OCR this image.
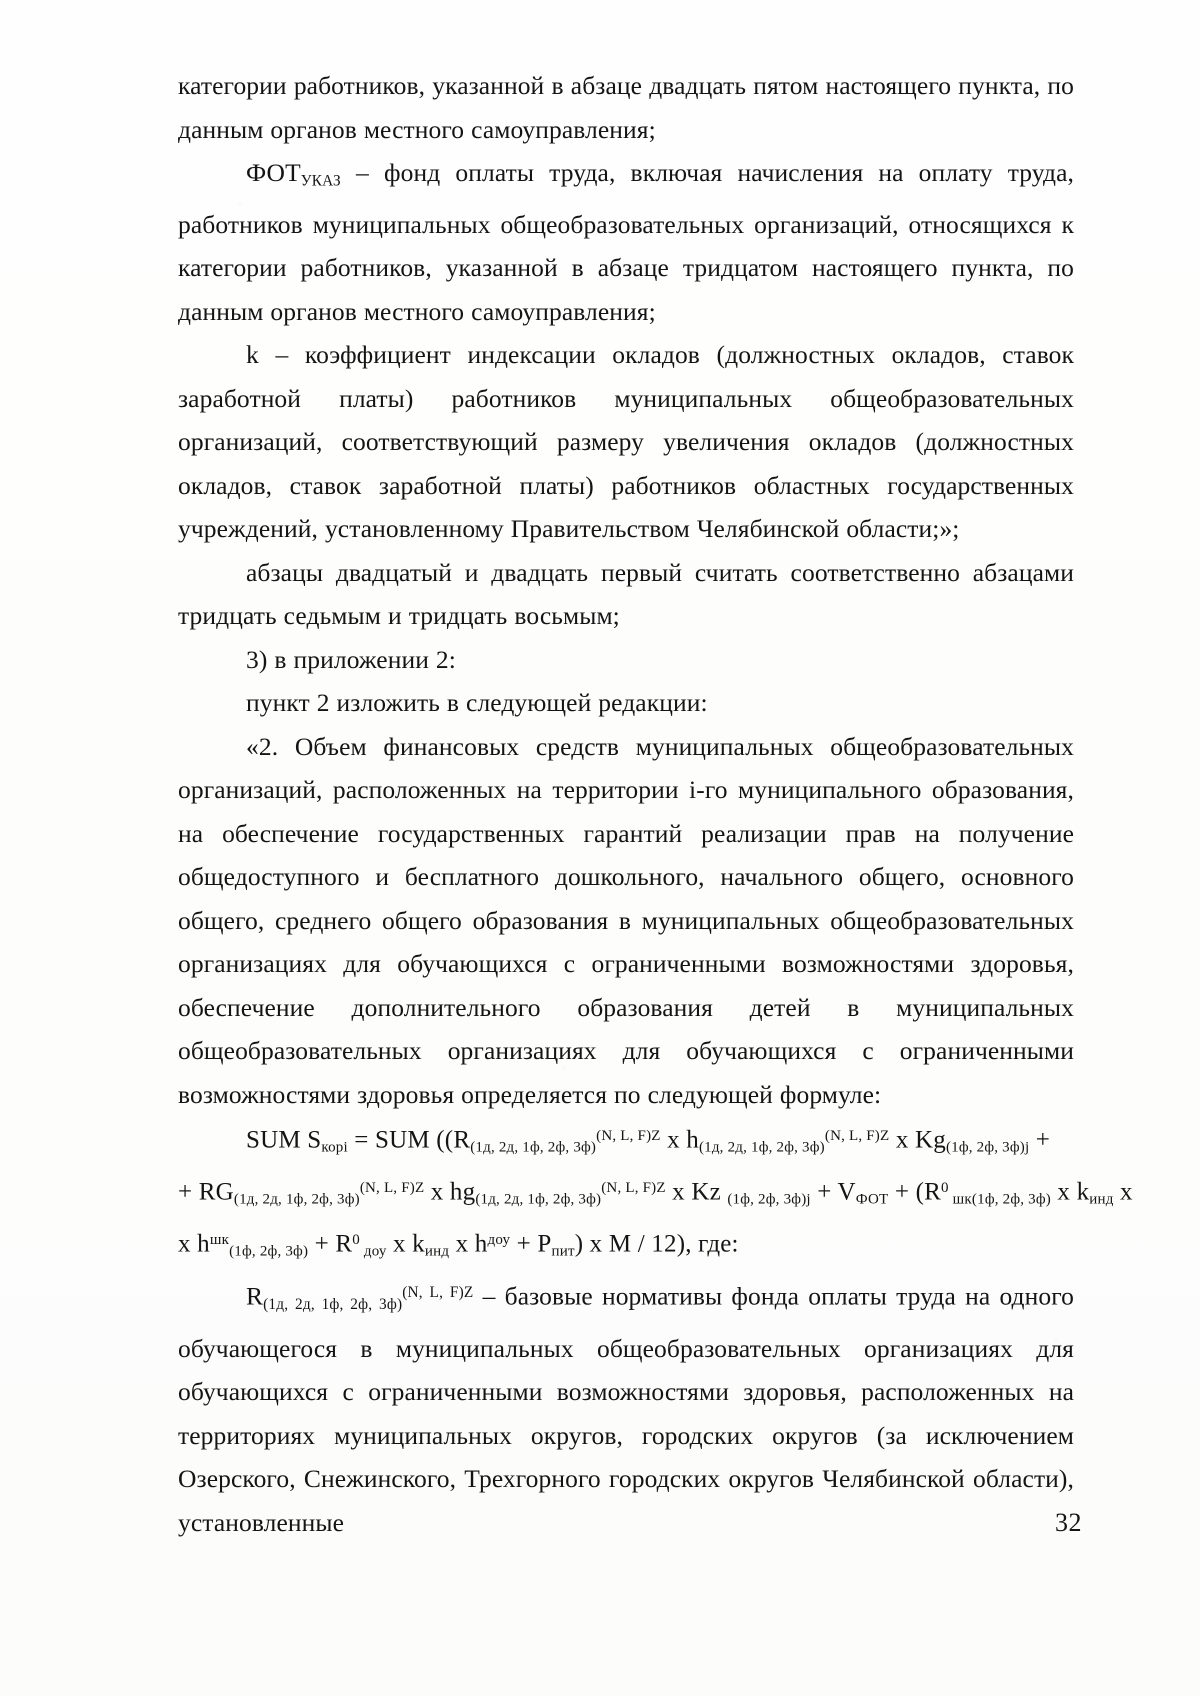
категории работников, указанной в абзаце двадцать пятом настоящего пункта, по данным органов местного самоуправления;

$ФОТ_{УКАЗ}$ – фонд оплаты труда, включая начисления на оплату труда, работников муниципальных общеобразовательных организаций, относящихся к категории работников, указанной в абзаце тридцатом настоящего пункта, по данным органов местного самоуправления;

k – коэффициент индексации окладов (должностных окладов, ставок заработной платы) работников муниципальных общеобразовательных организаций, соответствующий размеру увеличения окладов (должностных окладов, ставок заработной платы) работников областных государственных учреждений, установленному Правительством Челябинской области;»;

абзацы двадцатый и двадцать первый считать соответственно абзацами тридцать седьмым и тридцать восьмым;

3) в приложении 2:

пункт 2 изложить в следующей редакции:

«2. Объем финансовых средств муниципальных общеобразовательных организаций, расположенных на территории i-го муниципального образования, на обеспечение государственных гарантий реализации прав на получение общедоступного и бесплатного дошкольного, начального общего, основного общего, среднего общего образования в муниципальных общеобразовательных организациях для обучающихся с ограниченными возможностями здоровья, обеспечение дополнительного образования детей в муниципальных общеобразовательных организациях для обучающихся с ограниченными возможностями здоровья определяется по следующей формуле:

SUM $S_{корi}$ = SUM (($R_{(1д, 2д, 1ф, 2ф, 3ф)}^{(N, L, F)Z}$ x $h_{(1д, 2д, 1ф, 2ф, 3ф)}^{(N, L, F)Z}$ x $Kg_{(1ф, 2ф, 3ф)j}$ +
+ $RG_{(1д, 2д, 1ф, 2ф, 3ф)}^{(N, L, F)Z}$ x $hg_{(1д, 2д, 1ф, 2ф, 3ф)}^{(N, L, F)Z}$ x Kz $_{(1ф, 2ф, 3ф)j} + V_{ФОТ} + (R^0$ $_{шк(1ф, 2ф, 3ф)}$ x $k_{инд}$ x
x $h^{шк}_{(1ф, 2ф, 3ф)} + R^0$ $_{доу}$ x $k_{инд}$ x $h^{доу} + P_{пит}$) x M / 12), где:

$R_{(1д, 2д, 1ф, 2ф, 3ф)}^{(N, L, F)Z}$ – базовые нормативы фонда оплаты труда на одного обучающегося в муниципальных общеобразовательных организациях для обучающихся с ограниченными возможностями здоровья, расположенных на территориях муниципальных округов, городских округов (за исключением Озерского, Снежинского, Трехгорного городских округов Челябинской области), установленные	32
